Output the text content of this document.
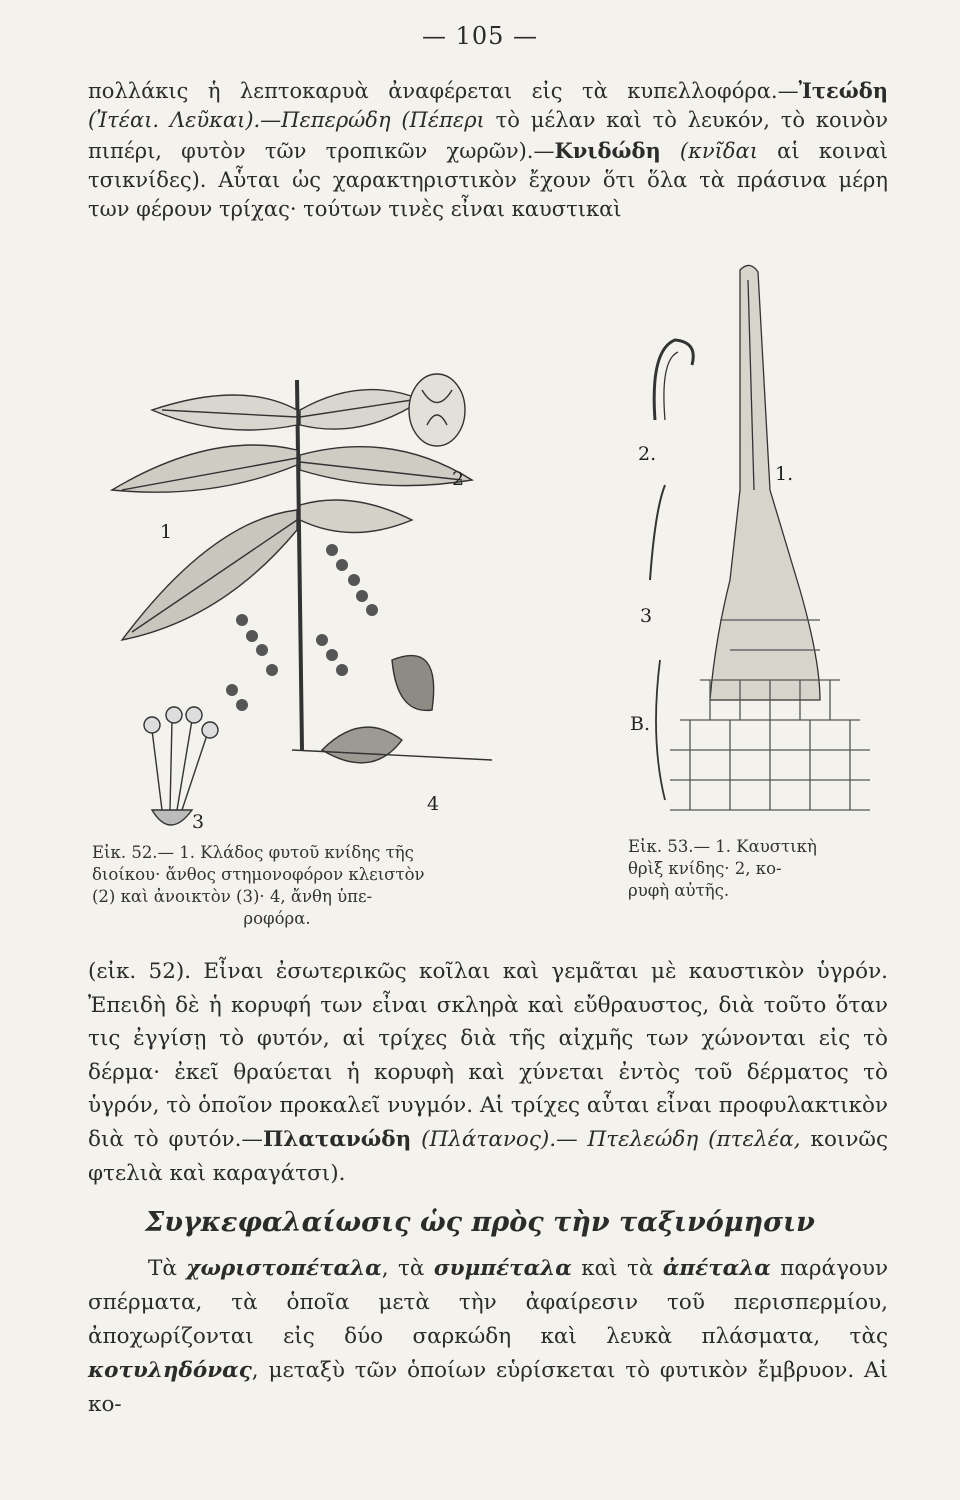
— 105 —
πολλάκις ἡ λεπτοκαρυὰ ἀναφέρεται εἰς τὰ κυπελλοφόρα.—Ἰτεώδη (Ἰτέαι. Λεῦκαι).—Πεπερώδη (Πέπερι τὸ μέλαν καὶ τὸ λευκόν, τὸ κοινὸν πιπέρι, φυτὸν τῶν τροπικῶν χωρῶν).—Κνιδώδη (κνῖδαι αἱ κοιναὶ τσικνίδες). Αὗται ὡς χαρακτηριστικὸν ἔχουν ὅτι ὅλα τὰ πράσινα μέρη των φέρουν τρίχας· τούτων τινὲς εἶναι καυστικαὶ
1
2
3
4
Εἰκ. 52.— 1. Κλάδος φυτοῦ κνίδης τῆς
διοίκου· ἄνθος στημονοφόρον κλειστὸν
(2) καὶ ἀνοικτὸν (3)· 4, ἄνθη ὑπε-

ροφόρα.
2.
1.
3
B.
Εἰκ. 53.— 1. Καυστικὴ
θρὶξ κνίδης· 2, κο-
ρυφὴ αὐτῆς.
(εἰκ. 52). Εἶναι ἐσωτερικῶς κοῖλαι καὶ γεμᾶται μὲ καυστικὸν ὑγρόν. Ἐπειδὴ δὲ ἡ κορυφή των εἶναι σκληρὰ καὶ εὔθραυστος, διὰ τοῦτο ὅταν τις ἐγγίσῃ τὸ φυτόν, αἱ τρίχες διὰ τῆς αἰχμῆς των χώνονται εἰς τὸ δέρμα· ἐκεῖ θραύεται ἡ κορυφὴ καὶ χύνεται ἐντὸς τοῦ δέρματος τὸ ὑγρόν, τὸ ὁποῖον προκαλεῖ νυγμόν. Αἱ τρίχες αὗται εἶναι προφυλακτικὸν διὰ τὸ φυτόν.—Πλατανώδη (Πλάτανος).— Πτελεώδη (πτελέα, κοινῶς φτελιὰ καὶ καραγάτσι).
Συγκεφαλαίωσις ὡς πρὸς τὴν ταξινόμησιν
Τὰ χωριστοπέταλα, τὰ συμπέταλα καὶ τὰ ἀπέταλα παράγουν σπέρματα, τὰ ὁποῖα μετὰ τὴν ἀφαίρεσιν τοῦ περισπερμίου, ἀποχωρίζονται εἰς δύο σαρκώδη καὶ λευκὰ πλάσματα, τὰς κοτυληδόνας, μεταξὺ τῶν ὁποίων εὑρίσκεται τὸ φυτικὸν ἔμβρυον. Αἱ κο-
